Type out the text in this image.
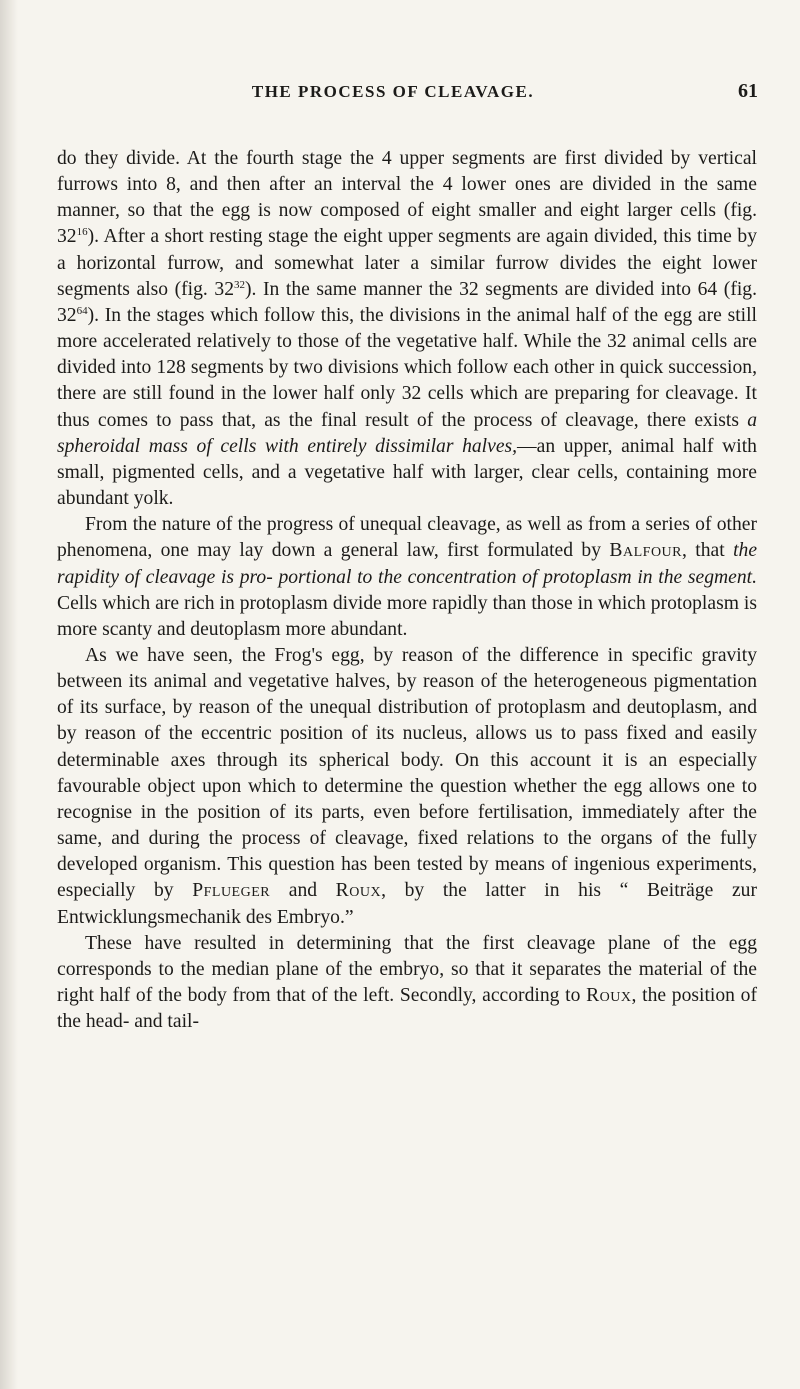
THE PROCESS OF CLEAVAGE.	61

do they divide. At the fourth stage the 4 upper segments are first divided by vertical furrows into 8, and then after an interval the 4 lower ones are divided in the same manner, so that the egg is now composed of eight smaller and eight larger cells (fig. $32^{16}$). After a short resting stage the eight upper segments are again divided, this time by a horizontal furrow, and somewhat later a similar furrow divides the eight lower segments also (fig. $32^{32}$). In the same manner the 32 segments are divided into 64 (fig. $32^{64}$). In the stages which follow this, the divisions in the animal half of the egg are still more accelerated relatively to those of the vegetative half. While the 32 animal cells are divided into 128 segments by two divisions which follow each other in quick succession, there are still found in the lower half only 32 cells which are preparing for cleavage. It thus comes to pass that, as the final result of the process of cleavage, there exists a spheroidal mass of cells with entirely dissimilar halves,—an upper, animal half with small, pigmented cells, and a vegetative half with larger, clear cells, containing more abundant yolk.

From the nature of the progress of unequal cleavage, as well as from a series of other phenomena, one may lay down a general law, first formulated by Balfour, that the rapidity of cleavage is pro- portional to the concentration of protoplasm in the segment. Cells which are rich in protoplasm divide more rapidly than those in which protoplasm is more scanty and deutoplasm more abundant.

As we have seen, the Frog's egg, by reason of the difference in specific gravity between its animal and vegetative halves, by reason of the heterogeneous pigmentation of its surface, by reason of the unequal distribution of protoplasm and deutoplasm, and by reason of the eccentric position of its nucleus, allows us to pass fixed and easily determinable axes through its spherical body. On this account it is an especially favourable object upon which to determine the question whether the egg allows one to recognise in the position of its parts, even before fertilisation, immediately after the same, and during the process of cleavage, fixed relations to the organs of the fully developed organism. This question has been tested by means of ingenious experiments, especially by Pflueger and Roux, by the latter in his “ Beiträge zur Entwicklungsmechanik des Embryo.”

These have resulted in determining that the first cleavage plane of the egg corresponds to the median plane of the embryo, so that it separates the material of the right half of the body from that of the left. Secondly, according to Roux, the position of the head- and tail-
